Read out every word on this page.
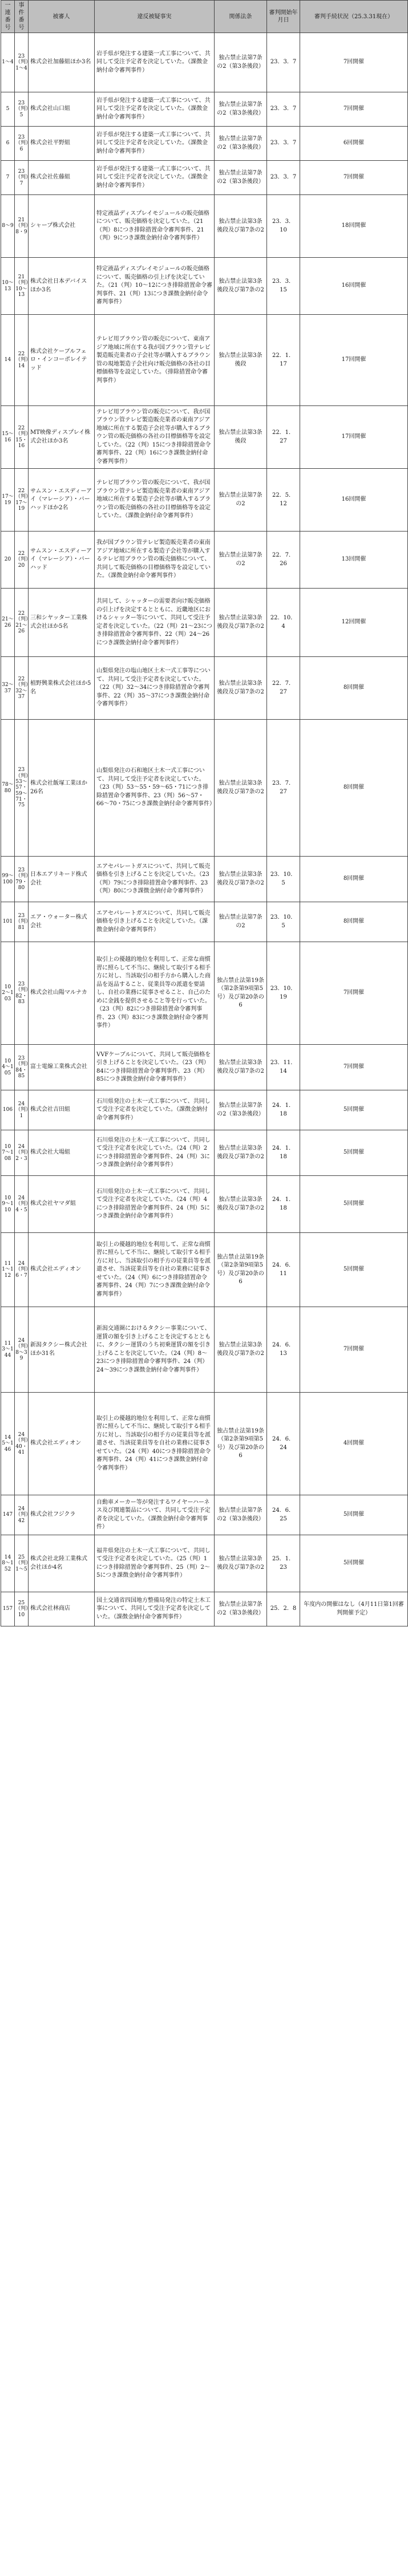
一連番号	事件番号	被審人	違反被疑事実	関係法条	審判開始年月日	審判手続状況（25.3.31現在）
1〜4	23（判）1〜4	株式会社加藤組ほか3名	岩手県が発注する建築一式工事について、共同して受注予定者を決定していた。（課徴金納付命令審判事件）	独占禁止法第7条の2（第3条後段）	23．3．7	7回開催
5	23（判）5	株式会社山口組	岩手県が発注する建築一式工事について、共同して受注予定者を決定していた。（課徴金納付命令審判事件）	独占禁止法第7条の2（第3条後段）	23．3．7	7回開催
6	23（判）6	株式会社平野組	岩手県が発注する建築一式工事について、共同して受注予定者を決定していた。（課徴金納付命令審判事件）	独占禁止法第7条の2（第3条後段）	23．3．7	6回開催
7	23（判）7	株式会社佐藤組	岩手県が発注する建築一式工事について、共同して受注予定者を決定していた。（課徴金納付命令審判事件）	独占禁止法第7条の2（第3条後段）	23．3．7	7回開催
8〜9	21（判）8・9	シャープ株式会社	特定液晶ディスプレイモジュールの販売価格について、販売価格を決定していた。（21（判）8につき排除措置命令審判事件、21（判）9につき課徴金納付命令審判事件）	独占禁止法第3条後段及び第7条の2	23．3．10	18回開催
10〜13	21（判）10〜13	株式会社日本デバイスほか3名	特定液晶ディスプレイモジュールの販売価格について、販売価格の引上げを決定していた。（21（判）10〜12につき排除措置命令審判事件、21（判）13につき課徴金納付命令審判事件）	独占禁止法第3条後段及び第7条の2	23．3．15	16回開催
14	22（判）14	株式会社ケーブルフェロ・インコーポレイテッド	テレビ用ブラウン管の販売について、東南アジア地域に所在する我が国ブラウン管テレビ製造販売業者の子会社等が購入するブラウン管の現地製造子会社向け販売価格の各社の目標価格等を設定していた。（排除措置命令審判事件）	独占禁止法第3条後段	22．1．17	17回開催
15〜16	22（判）15・16	MT映像ディスプレイ株式会社ほか3名	テレビ用ブラウン管の販売について、我が国ブラウン管テレビ製造販売業者の東南アジア地域に所在する製造子会社等が購入するブラウン管の販売価格の各社の目標価格等を設定していた。（22（判）15につき排除措置命令審判事件、22（判）16につき課徴金納付命令審判事件）	独占禁止法第3条後段	22．1．27	17回開催
17〜19	22（判）17〜19	サムスン・エスディーアイ（マレーシア）・バーハッドほか2名	テレビ用ブラウン管の販売について、我が国ブラウン管テレビ製造販売業者の東南アジア地域に所在する製造子会社等が購入するブラウン管の販売価格の各社の目標価格等を設定していた。（課徴金納付命令審判事件）	独占禁止法第7条の2	22．5．12	16回開催
20	22（判）20	サムスン・エスディーアイ（マレーシア）・バーハッド	我が国ブラウン管テレビ製造販売業者の東南アジア地域に所在する製造子会社等が購入するテレビ用ブラウン管の販売価格について、共同して販売価格の目標価格等を設定していた。（課徴金納付命令審判事件）	独占禁止法第7条の2	22．7．26	13回開催
21〜26	22（判）21〜26	三和シヤッター工業株式会社ほか5名	共同して、シャッターの需要者向け販売価格の引上げを決定するとともに、近畿地区におけるシャッター等について、共同して受注予定者を決定していた。（22（判）21〜23につき排除措置命令審判事件、22（判）24〜26につき課徴金納付命令審判事件）	独占禁止法第3条後段及び第7条の2	22．10．4	12回開催
32〜37	22（判）32〜37	植野興業株式会社ほか5名	山梨県発注の塩山地区土木一式工事等について、共同して受注予定者を決定していた。（22（判）32〜34につき排除措置命令審判事件、22（判）35〜37につき課徴金納付命令審判事件）	独占禁止法第3条後段及び第7条の2	22．7．27	8回開催
78〜80	23（判）53〜57・59〜71・75	株式会社飯塚工業ほか26名	山梨県発注の石和地区土木一式工事について、共同して受注予定者を決定していた。（23（判）53〜55・59〜65・71につき排除措置命令審判事件、23（判）56〜57・66〜70・75につき課徴金納付命令審判事件）	独占禁止法第3条後段及び第7条の2	23．7．27	8回開催
99〜100	23（判）79・80	日本エアリキード株式会社	エアセパレートガスについて、共同して販売価格を引き上げることを決定していた。（23（判）79につき排除措置命令審判事件、23（判）80につき課徴金納付命令審判事件）	独占禁止法第3条後段及び第7条の2	23．10．5	8回開催
101	23（判）81	エア・ウォーター株式会社	エアセパレートガスについて、共同して販売価格を引き上げることを決定していた。（課徴金納付命令審判事件）	独占禁止法第7条の2	23．10．5	8回開催
102〜103	23（判）82・83	株式会社山陽マルナカ	取引上の優越的地位を利用して、正常な商慣習に照らして不当に、継続して取引する相手方に対し、当該取引の相手方から購入した商品を返品すること、従業員等の派遣を要請し、自社の業務に従事させること、自己のために金銭を提供させること等を行っていた。（23（判）82につき排除措置命令審判事件、23（判）83につき課徴金納付命令審判事件）	独占禁止法第19条（第2条第9項第5号）及び第20条の6	23．10．19	7回開催
104〜105	23（判）84・85	富士電線工業株式会社	VVFケーブルについて、共同して販売価格を引き上げることを決定していた。（23（判）84につき排除措置命令審判事件、23（判）85につき課徴金納付命令審判事件）	独占禁止法第3条後段及び第7条の2	23．11．14	7回開催
106	24（判）1	株式会社吉田組	石川県発注の土木一式工事について、共同して受注予定者を決定していた。（課徴金納付命令審判事件）	独占禁止法第7条の2（第3条後段）	24．1．18	5回開催
107〜108	24（判）2・3	株式会社大場組	石川県発注の土木一式工事について、共同して受注予定者を決定していた。（24（判）2につき排除措置命令審判事件、24（判）3につき課徴金納付命令審判事件）	独占禁止法第3条後段及び第7条の2	24．1．18	5回開催
109〜110	24（判）4・5	株式会社ヤマダ組	石川県発注の土木一式工事について、共同して受注予定者を決定していた。（24（判）4につき排除措置命令審判事件、24（判）5につき課徴金納付命令審判事件）	独占禁止法第3条後段及び第7条の2	24．1．18	5回開催
111〜112	24（判）6・7	株式会社エディオン	取引上の優越的地位を利用して、正常な商慣習に照らして不当に、継続して取引する相手方に対し、当該取引の相手方の従業員等を派遣させ、当該従業員等を自社の業務に従事させていた。（24（判）6につき排除措置命令審判事件、24（判）7につき課徴金納付命令審判事件）	独占禁止法第19条（第2条第9項第5号）及び第20条の6	24．6．11	5回開催
113〜144	24（判）8〜39	新潟タクシー株式会社ほか31名	新潟交通圏におけるタクシー事業について、運賃の額を引き上げることを決定するとともに、タクシー運賃のうち初乗運賃の額を引き上げることを決定していた。（24（判）8〜23につき排除措置命令審判事件、24（判）24〜39につき課徴金納付命令審判事件）	独占禁止法第3条後段及び第7条の2	24．6．13	7回開催
145〜146	24（判）40・41	株式会社エディオン	取引上の優越的地位を利用して、正常な商慣習に照らして不当に、継続して取引する相手方に対し、当該取引の相手方の従業員等を派遣させ、当該従業員等を自社の業務に従事させていた。（24（判）40につき排除措置命令審判事件、24（判）41につき課徴金納付命令審判事件）	独占禁止法第19条（第2条第9項第5号）及び第20条の6	24．6．24	4回開催
147	24（判）42	株式会社フジクラ	自動車メーカー等が発注するワイヤーハーネス及び関連製品について、共同して受注予定者を決定していた。（課徴金納付命令審判事件）	独占禁止法第7条の2（第3条後段）	24．6．25	5回開催
148〜152	25（判）1〜5	株式会社北陸工業株式会社ほか4名	福井県発注の土木一式工事について、共同して受注予定者を決定していた。（25（判）1につき排除措置命令審判事件、25（判）2〜5につき課徴金納付命令審判事件）	独占禁止法第3条後段及び第7条の2	25．1．23	5回開催
157	25（判）10	株式会社林商店	国土交通省四国地方整備局発注の特定土木工事について、共同して受注予定者を決定していた。（課徴金納付命令審判事件）	独占禁止法第7条の2（第3条後段）	25．2．8	年度内の開催はなし（4月11日第1回審判開催予定）
